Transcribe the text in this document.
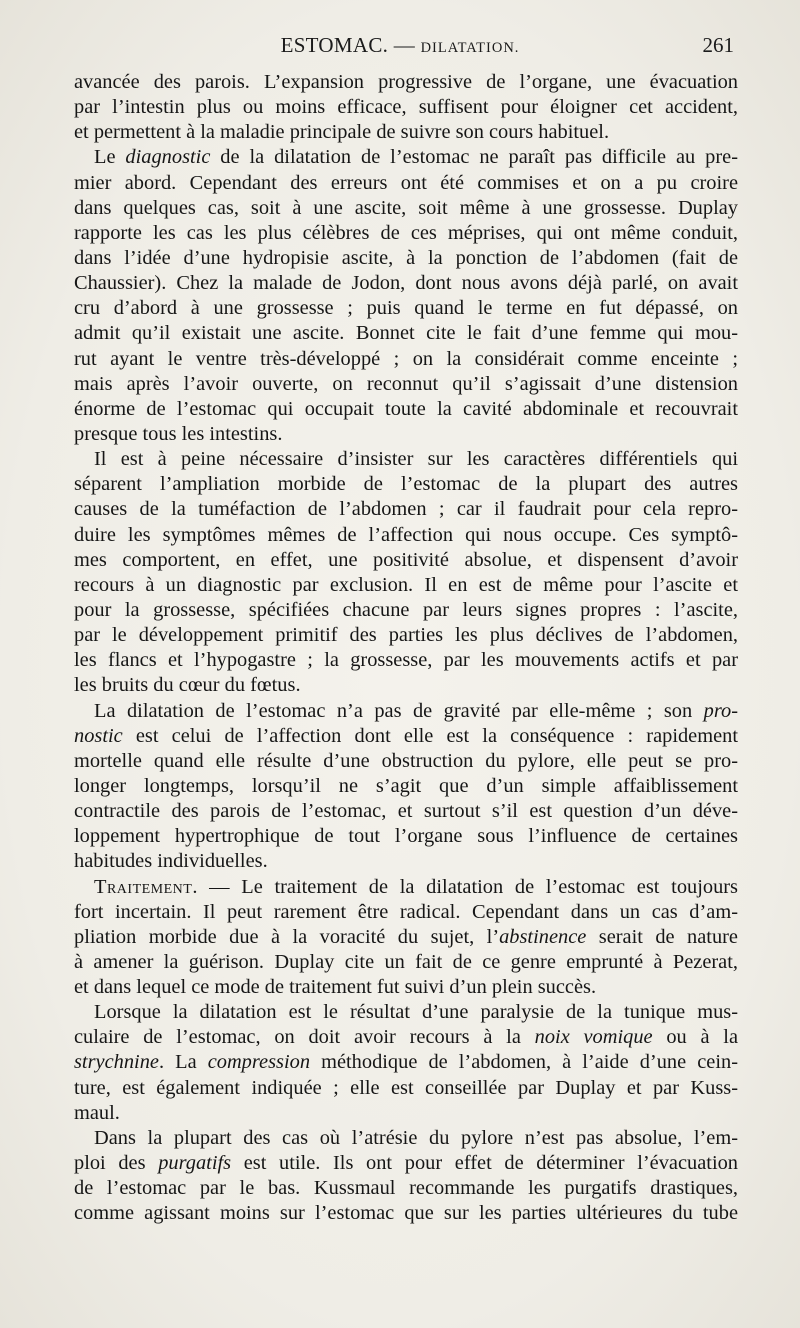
ESTOMAC. — DILATATION.	261
avancée des parois. L’expansion progressive de l’organe, une évacuation
par l’intestin plus ou moins efficace, suffisent pour éloigner cet accident,
et permettent à la maladie principale de suivre son cours habituel.
Le diagnostic de la dilatation de l’estomac ne paraît pas difficile au pre-
mier abord. Cependant des erreurs ont été commises et on a pu croire
dans quelques cas, soit à une ascite, soit même à une grossesse. Duplay
rapporte les cas les plus célèbres de ces méprises, qui ont même conduit,
dans l’idée d’une hydropisie ascite, à la ponction de l’abdomen (fait de
Chaussier). Chez la malade de Jodon, dont nous avons déjà parlé, on avait
cru d’abord à une grossesse ; puis quand le terme en fut dépassé, on
admit qu’il existait une ascite. Bonnet cite le fait d’une femme qui mou-
rut ayant le ventre très-développé ; on la considérait comme enceinte ;
mais après l’avoir ouverte, on reconnut qu’il s’agissait d’une distension
énorme de l’estomac qui occupait toute la cavité abdominale et recouvrait
presque tous les intestins.
Il est à peine nécessaire d’insister sur les caractères différentiels qui
séparent l’ampliation morbide de l’estomac de la plupart des autres
causes de la tuméfaction de l’abdomen ; car il faudrait pour cela repro-
duire les symptômes mêmes de l’affection qui nous occupe. Ces symptô-
mes comportent, en effet, une positivité absolue, et dispensent d’avoir
recours à un diagnostic par exclusion. Il en est de même pour l’ascite et
pour la grossesse, spécifiées chacune par leurs signes propres : l’ascite,
par le développement primitif des parties les plus déclives de l’abdomen,
les flancs et l’hypogastre ; la grossesse, par les mouvements actifs et par
les bruits du cœur du fœtus.
La dilatation de l’estomac n’a pas de gravité par elle-même ; son pro-
nostic est celui de l’affection dont elle est la conséquence : rapidement
mortelle quand elle résulte d’une obstruction du pylore, elle peut se pro-
longer longtemps, lorsqu’il ne s’agit que d’un simple affaiblissement
contractile des parois de l’estomac, et surtout s’il est question d’un déve-
loppement hypertrophique de tout l’organe sous l’influence de certaines
habitudes individuelles.
Traitement. — Le traitement de la dilatation de l’estomac est toujours
fort incertain. Il peut rarement être radical. Cependant dans un cas d’am-
pliation morbide due à la voracité du sujet, l’abstinence serait de nature
à amener la guérison. Duplay cite un fait de ce genre emprunté à Pezerat,
et dans lequel ce mode de traitement fut suivi d’un plein succès.
Lorsque la dilatation est le résultat d’une paralysie de la tunique mus-
culaire de l’estomac, on doit avoir recours à la noix vomique ou à la
strychnine. La compression méthodique de l’abdomen, à l’aide d’une cein-
ture, est également indiquée ; elle est conseillée par Duplay et par Kuss-
maul.
Dans la plupart des cas où l’atrésie du pylore n’est pas absolue, l’em-
ploi des purgatifs est utile. Ils ont pour effet de déterminer l’évacuation
de l’estomac par le bas. Kussmaul recommande les purgatifs drastiques,
comme agissant moins sur l’estomac que sur les parties ultérieures du tube
